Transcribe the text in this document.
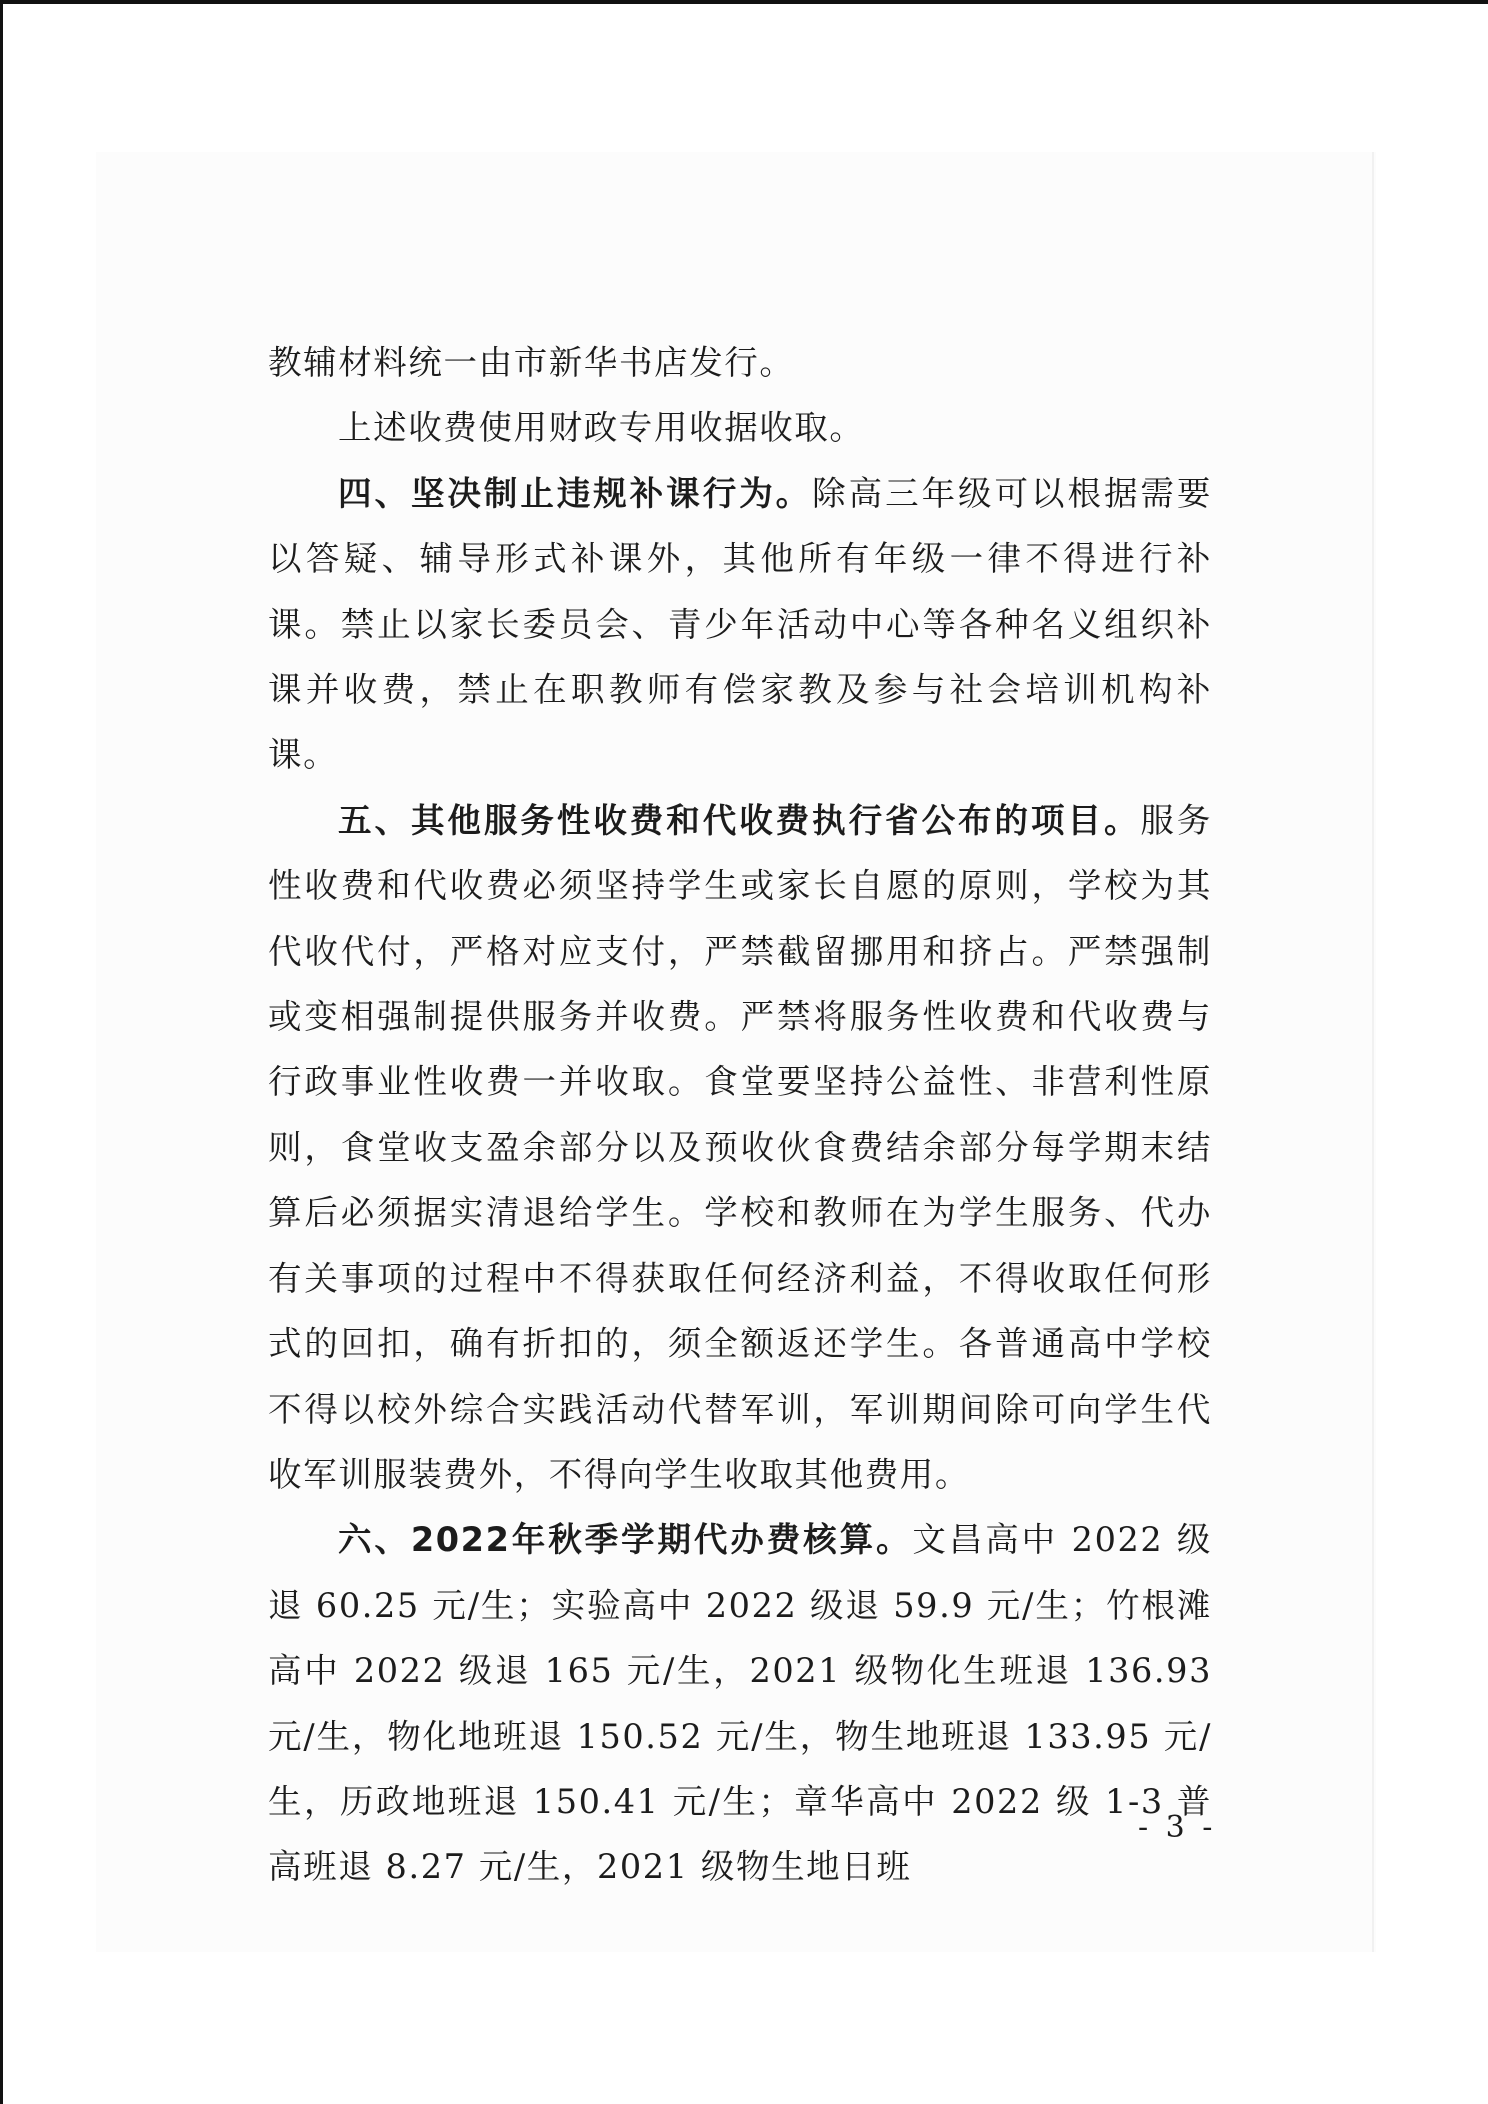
教辅材料统一由市新华书店发行。

上述收费使用财政专用收据收取。

四、坚决制止违规补课行为。除高三年级可以根据需要以答疑、辅导形式补课外，其他所有年级一律不得进行补课。禁止以家长委员会、青少年活动中心等各种名义组织补课并收费，禁止在职教师有偿家教及参与社会培训机构补课。

五、其他服务性收费和代收费执行省公布的项目。服务性收费和代收费必须坚持学生或家长自愿的原则，学校为其代收代付，严格对应支付，严禁截留挪用和挤占。严禁强制或变相强制提供服务并收费。严禁将服务性收费和代收费与行政事业性收费一并收取。食堂要坚持公益性、非营利性原则，食堂收支盈余部分以及预收伙食费结余部分每学期末结算后必须据实清退给学生。学校和教师在为学生服务、代办有关事项的过程中不得获取任何经济利益，不得收取任何形式的回扣，确有折扣的，须全额返还学生。各普通高中学校不得以校外综合实践活动代替军训，军训期间除可向学生代收军训服装费外，不得向学生收取其他费用。

六、2022年秋季学期代办费核算。文昌高中 2022 级退 60.25 元/生；实验高中 2022 级退 59.9 元/生；竹根滩高中 2022 级退 165 元/生，2021 级物化生班退 136.93 元/生，物化地班退 150.52 元/生，物生地班退 133.95 元/生，历政地班退 150.41 元/生；章华高中 2022 级 1-3 普高班退 8.27 元/生，2021 级物生地日班

- 3 -
